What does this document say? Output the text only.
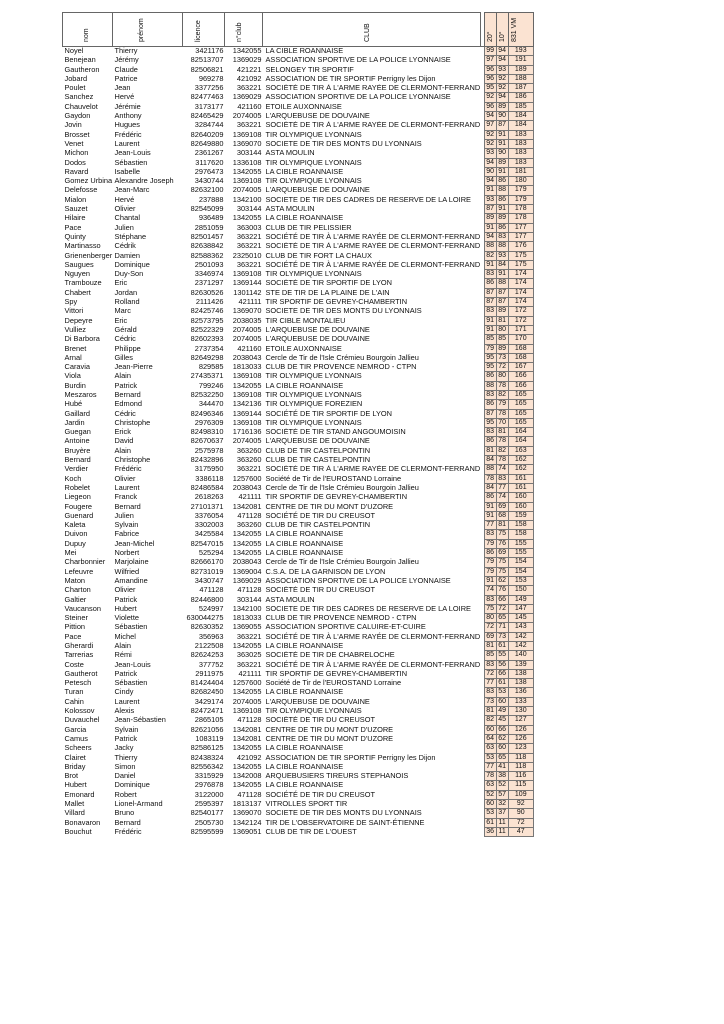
nom	prénom	licence	n°club	CLUB		20°	10°	831 VM
Noyel	Thierry	3421176	1342055	LA CIBLE ROANNAISE		99	94	193
Benejean	Jérémy	82513707	1369029	ASSOCIATION SPORTIVE DE LA POLICE LYONNAISE		97	94	191
Gautheron	Claude	82506821	421221	SELONGEY TIR SPORTIF		96	93	189
Jobard	Patrice	969278	421092	ASSOCIATION DE TIR SPORTIF Perrigny les Dijon		96	92	188
Poulet	Jean	3377256	363221	SOCIÉTÉ DE TIR À L'ARME RAYÉE DE CLERMONT-FERRAND		95	92	187
Sanchez	Hervé	82477463	1369029	ASSOCIATION SPORTIVE DE LA POLICE LYONNAISE		92	94	186
Chauvelot	Jérémie	3173177	421160	ETOILE AUXONNAISE		96	89	185
Gaydon	Anthony	82465429	2074005	L'ARQUEBUSE DE DOUVAINE		94	90	184
Jovin	Hugues	3284744	363221	SOCIÉTÉ DE TIR À L'ARME RAYÉE DE CLERMONT-FERRAND		97	87	184
Brosset	Frédéric	82640209	1369108	TIR OLYMPIQUE LYONNAIS		92	91	183
Venet	Laurent	82649880	1369070	SOCIETE DE TIR DES MONTS DU LYONNAIS		92	91	183
Michon	Jean-Louis	2361267	303144	ASTA MOULIN		93	90	183
Dodos	Sébastien	3117620	1336108	TIR OLYMPIQUE LYONNAIS		94	89	183
Ravard	Isabelle	2976473	1342055	LA CIBLE ROANNAISE		90	91	181
Gomez Urbina	Alexandre Joseph	3430744	1369108	TIR OLYMPIQUE LYONNAIS		94	86	180
Delefosse	Jean-Marc	82632100	2074005	L'ARQUEBUSE DE DOUVAINE		91	88	179
Mialon	Hervé	237888	1342100	SOCIETE DE TIR DES CADRES DE RESERVE DE LA LOIRE		93	86	179
Sauzet	Olivier	82545099	303144	ASTA MOULIN		87	91	178
Hilaire	Chantal	936489	1342055	LA CIBLE ROANNAISE		89	89	178
Pace	Julien	2851059	363003	CLUB DE TIR PELISSIER		91	86	177
Quinty	Stéphane	82501457	363221	SOCIÉTÉ DE TIR À L'ARME RAYÉE DE CLERMONT-FERRAND		94	83	177
Martinasso	Cédrik	82638842	363221	SOCIÉTÉ DE TIR À L'ARME RAYÉE DE CLERMONT-FERRAND		88	88	176
Grienenberger	Damien	82588362	2325010	CLUB DE TIR FORT LA CHAUX		82	93	175
Saugues	Dominique	2501093	363221	SOCIÉTÉ DE TIR À L'ARME RAYÉE DE CLERMONT-FERRAND		91	84	175
Nguyen	Duy-Son	3346974	1369108	TIR OLYMPIQUE LYONNAIS		83	91	174
Trambouze	Eric	2371297	1369144	SOCIÉTÉ DE TIR SPORTIF DE LYON		86	88	174
Chabert	Jordan	82630526	1301142	STE DE TIR DE LA PLAINE DE L'AIN		87	87	174
Spy	Rolland	2111426	421111	TIR SPORTIF DE GEVREY-CHAMBERTIN		87	87	174
Vittori	Marc	82425746	1369070	SOCIETE DE TIR DES MONTS DU LYONNAIS		83	89	172
Depeyre	Eric	82573795	2038035	TIR CIBLE MONTALIEU		91	81	172
Vulliez	Gérald	82522329	2074005	L'ARQUEBUSE DE DOUVAINE		91	80	171
Di Barbora	Cédric	82602393	2074005	L'ARQUEBUSE DE DOUVAINE		85	85	170
Brenet	Philippe	2737354	421160	ETOILE AUXONNAISE		79	89	168
Arnal	Gilles	82649298	2038043	Cercle de Tir de l'Isle Crémieu Bourgoin Jallieu		95	73	168
Caravia	Jean-Pierre	829585	1813033	CLUB DE TIR PROVENCE NEMROD - CTPN		95	72	167
Viola	Alain	27435371	1369108	TIR OLYMPIQUE LYONNAIS		86	80	166
Burdin	Patrick	799246	1342055	LA CIBLE ROANNAISE		88	78	166
Meszaros	Bernard	82532250	1369108	TIR OLYMPIQUE LYONNAIS		83	82	165
Hubé	Edmond	344470	1342136	TIR OLYMPIQUE FOREZIEN		86	79	165
Gaillard	Cédric	82496346	1369144	SOCIÉTÉ DE TIR SPORTIF DE LYON		87	78	165
Jardin	Christophe	2976309	1369108	TIR OLYMPIQUE LYONNAIS		95	70	165
Guegan	Erick	82498310	1716136	SOCIÉTÉ DE TIR STAND ANGOUMOISIN		83	81	164
Antoine	David	82670637	2074005	L'ARQUEBUSE DE DOUVAINE		86	78	164
Bruyère	Alain	2575978	363260	CLUB DE TIR CASTELPONTIN		81	82	163
Bernard	Christophe	82432896	363260	CLUB DE TIR CASTELPONTIN		84	78	162
Verdier	Frédéric	3175950	363221	SOCIÉTÉ DE TIR À L'ARME RAYÉE DE CLERMONT-FERRAND		88	74	162
Koch	Olivier	3386118	1257600	Société de Tir de l'EUROSTAND Lorraine		78	83	161
Robelet	Laurent	82486584	2038043	Cercle de Tir de l'Isle Crémieu Bourgoin Jallieu		84	77	161
Liegeon	Franck	2618263	421111	TIR SPORTIF DE GEVREY-CHAMBERTIN		86	74	160
Fougere	Bernard	27101371	1342081	CENTRE DE TIR DU MONT D'UZORE		91	69	160
Guenard	Julien	3376054	471128	SOCIÉTÉ DE TIR DU CREUSOT		91	68	159
Kaleta	Sylvain	3302003	363260	CLUB DE TIR CASTELPONTIN		77	81	158
Duivon	Fabrice	3425584	1342055	LA CIBLE ROANNAISE		83	75	158
Dupuy	Jean-Michel	82547015	1342055	LA CIBLE ROANNAISE		79	76	155
Mei	Norbert	525294	1342055	LA CIBLE ROANNAISE		86	69	155
Charbonnier	Marjolaine	82666170	2038043	Cercle de Tir de l'Isle Crémieu Bourgoin Jallieu		79	75	154
Lefeuvre	Wilfried	82731019	1369004	C.S.A. DE LA GARNISON DE LYON		79	75	154
Maton	Amandine	3430747	1369029	ASSOCIATION SPORTIVE DE LA POLICE LYONNAISE		91	62	153
Charton	Olivier	471128	471128	SOCIÉTÉ DE TIR DU CREUSOT		74	76	150
Galtier	Patrick	82446800	303144	ASTA MOULIN		83	66	149
Vaucanson	Hubert	524997	1342100	SOCIETE DE TIR DES CADRES DE RESERVE DE LA LOIRE		75	72	147
Steiner	Violette	630044275	1813033	CLUB DE TIR PROVENCE NEMROD - CTPN		80	65	145
Pittion	Sébastien	82630352	1369055	ASSOCIATION SPORTIVE CALUIRE-ET-CUIRE		72	71	143
Pace	Michel	356963	363221	SOCIÉTÉ DE TIR À L'ARME RAYÉE DE CLERMONT-FERRAND		69	73	142
Gherardi	Alain	2122508	1342055	LA CIBLE ROANNAISE		81	61	142
Tarrerias	Rémi	82624253	363025	SOCIÉTÉ DE TIR DE CHABRELOCHE		85	55	140
Coste	Jean-Louis	377752	363221	SOCIÉTÉ DE TIR À L'ARME RAYÉE DE CLERMONT-FERRAND		83	56	139
Gautherot	Patrick	2911975	421111	TIR SPORTIF DE GEVREY-CHAMBERTIN		72	66	138
Petesch	Sébastien	81424404	1257600	Société de Tir de l'EUROSTAND Lorraine		77	61	138
Turan	Cindy	82682450	1342055	LA CIBLE ROANNAISE		83	53	136
Cahin	Laurent	3429174	2074005	L'ARQUEBUSE DE DOUVAINE		73	60	133
Kolossov	Alexis	82472471	1369108	TIR OLYMPIQUE LYONNAIS		81	49	130
Duvauchel	Jean-Sébastien	2865105	471128	SOCIÉTÉ DE TIR DU CREUSOT		82	45	127
Garcia	Sylvain	82621056	1342081	CENTRE DE TIR DU MONT D'UZORE		60	66	126
Camus	Patrick	1083119	1342081	CENTRE DE TIR DU MONT D'UZORE		64	62	126
Scheers	Jacky	82586125	1342055	LA CIBLE ROANNAISE		63	60	123
Clairet	Thierry	82438324	421092	ASSOCIATION DE TIR SPORTIF Perrigny les Dijon		53	65	118
Briday	Simon	82556342	1342055	LA CIBLE ROANNAISE		77	41	118
Brot	Daniel	3315929	1342008	ARQUEBUSIERS TIREURS STEPHANOIS		78	38	116
Hubert	Dominique	2976878	1342055	LA CIBLE ROANNAISE		63	52	115
Emonard	Robert	3122000	471128	SOCIÉTÉ DE TIR DU CREUSOT		52	57	109
Mallet	Lionel-Armand	2595397	1813137	VITROLLES SPORT TIR		60	32	92
Villard	Bruno	82540177	1369070	SOCIETE DE TIR DES MONTS DU LYONNAIS		53	37	90
Bonavaron	Bernard	2505730	1342124	TIR DE L'OBSERVATOIRE DE SAINT-ÉTIENNE		61	11	72
Bouchut	Frédéric	82595599	1369051	CLUB DE TIR DE L'OUEST		36	11	47
